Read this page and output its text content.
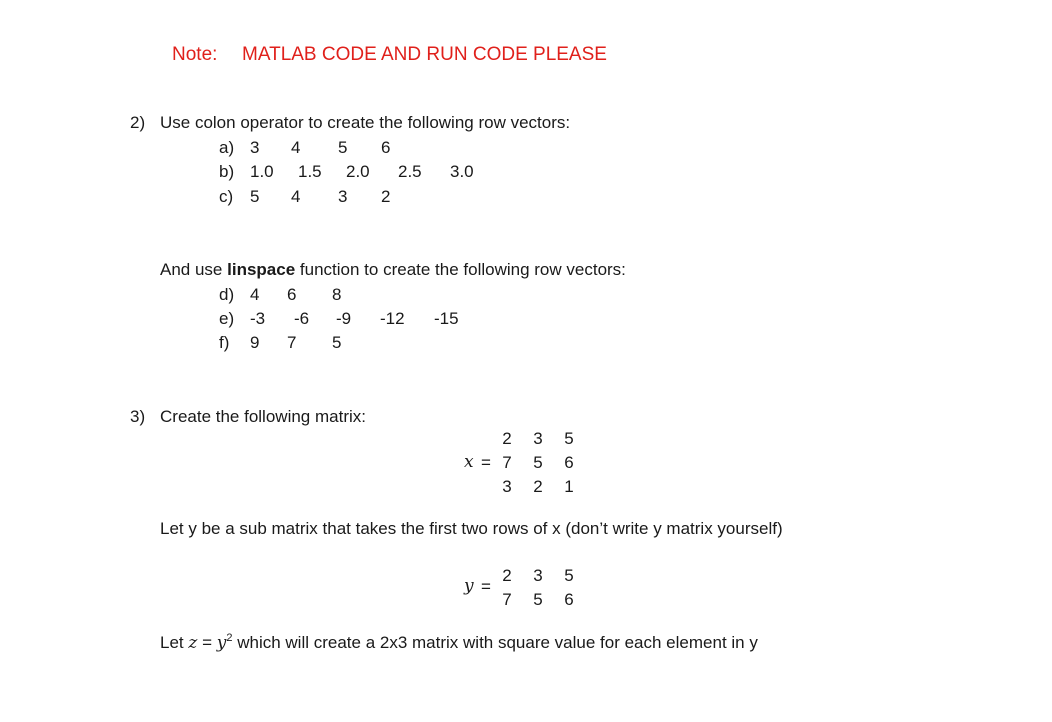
Note: MATLAB CODE AND RUN CODE PLEASE
2) Use colon operator to create the following row vectors:
a) 3 4 5 6
b) 1.0 1.5 2.0 2.5 3.0
c) 5 4 3 2
And use linspace function to create the following row vectors:
d) 4 6 8
e) -3 -6 -9 -12 -15
f) 9 7 5
3) Create the following matrix:
x =
2 3 5
7 5 6
3 2 1
Let y be a sub matrix that takes the first two rows of x (don’t write y matrix yourself)
y =
2 3 5
7 5 6
Let $z = y^2$ which will create a 2x3 matrix with square value for each element in y
